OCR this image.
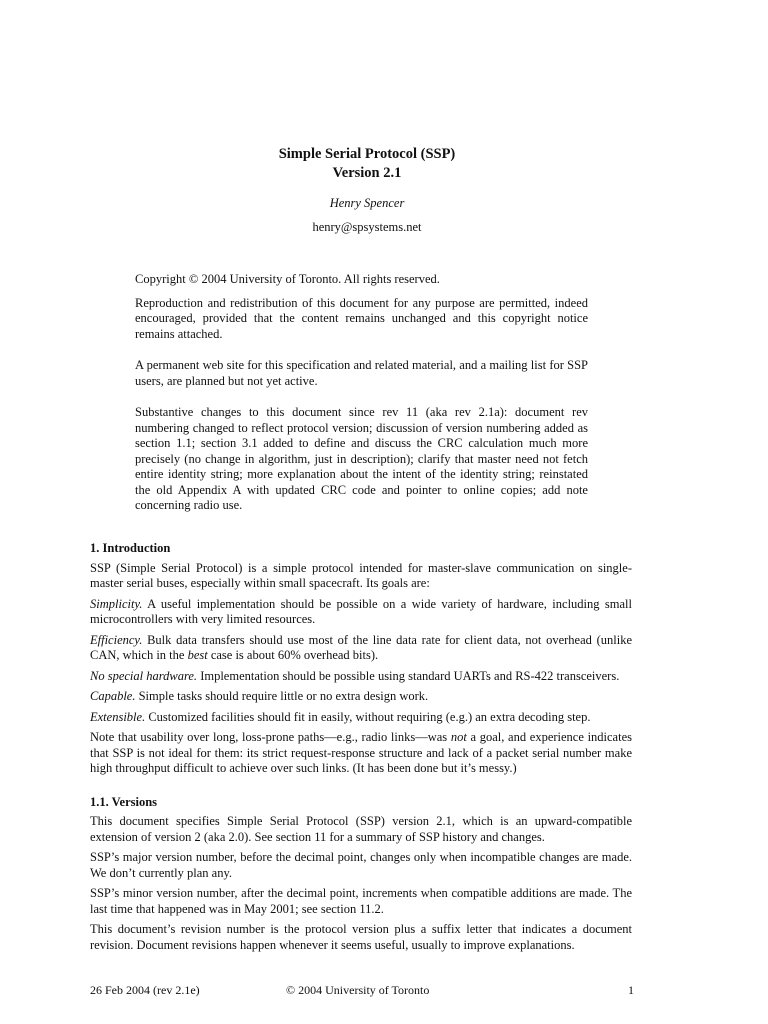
Simple Serial Protocol (SSP)
Version 2.1
Henry Spencer
henry@spsystems.net

Copyright © 2004 University of Toronto. All rights reserved.

Reproduction and redistribution of this document for any purpose are permitted, indeed encouraged, provided that the content remains unchanged and this copyright notice remains attached.

A permanent web site for this specification and related material, and a mailing list for SSP users, are planned but not yet active.

Substantive changes to this document since rev 11 (aka rev 2.1a): document rev numbering changed to reflect protocol version; discussion of version numbering added as section 1.1; section 3.1 added to define and discuss the CRC calculation much more precisely (no change in algorithm, just in description); clarify that master need not fetch entire identity string; more explanation about the intent of the identity string; reinstated the old Appendix A with updated CRC code and pointer to online copies; add note concerning radio use.

1. Introduction

SSP (Simple Serial Protocol) is a simple protocol intended for master-slave communication on single-master serial buses, especially within small spacecraft. Its goals are:

Simplicity. A useful implementation should be possible on a wide variety of hardware, including small microcontrollers with very limited resources.

Efficiency. Bulk data transfers should use most of the line data rate for client data, not overhead (unlike CAN, which in the best case is about 60% overhead bits).

No special hardware. Implementation should be possible using standard UARTs and RS-422 transceivers.

Capable. Simple tasks should require little or no extra design work.

Extensible. Customized facilities should fit in easily, without requiring (e.g.) an extra decoding step.

Note that usability over long, loss-prone paths—e.g., radio links—was not a goal, and experience indicates that SSP is not ideal for them: its strict request-response structure and lack of a packet serial number make high throughput difficult to achieve over such links. (It has been done but it’s messy.)

1.1. Versions

This document specifies Simple Serial Protocol (SSP) version 2.1, which is an upward-compatible extension of version 2 (aka 2.0). See section 11 for a summary of SSP history and changes.

SSP’s major version number, before the decimal point, changes only when incompatible changes are made. We don’t currently plan any.

SSP’s minor version number, after the decimal point, increments when compatible additions are made. The last time that happened was in May 2001; see section 11.2.

This document’s revision number is the protocol version plus a suffix letter that indicates a document revision. Document revisions happen whenever it seems useful, usually to improve explanations.

26 Feb 2004 (rev 2.1e)	© 2004 University of Toronto	1
